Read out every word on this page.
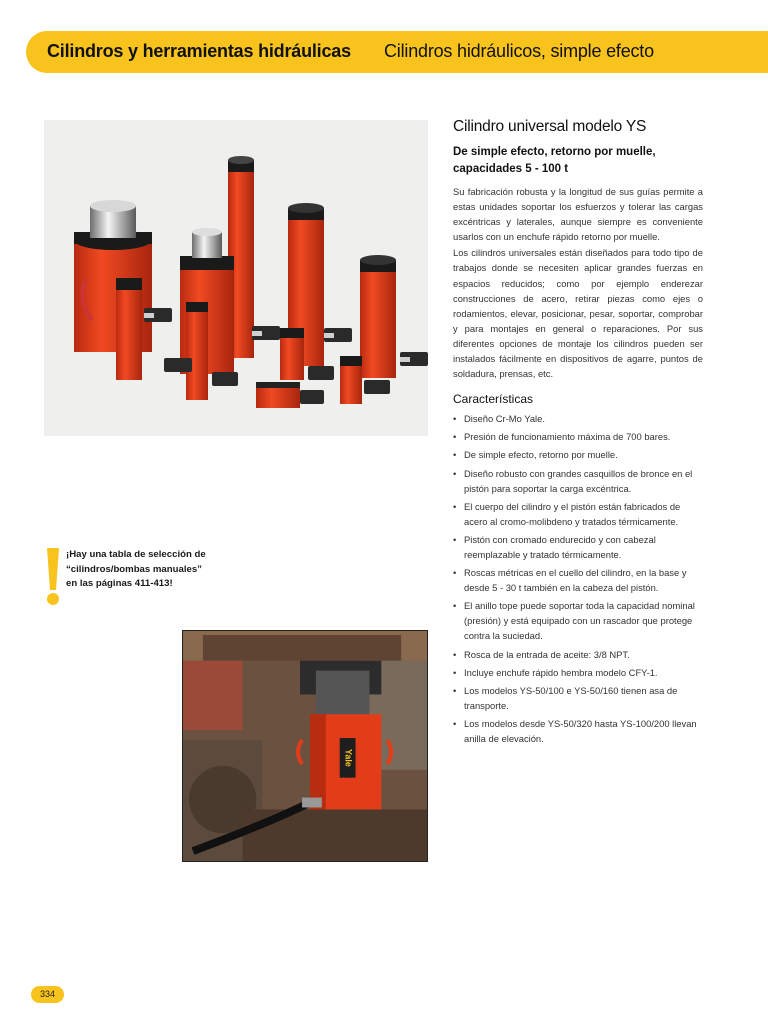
Cilindros y herramientas hidráulicas Cilindros hidráulicos, simple efecto
¡Hay una tabla de selección de
“cilindros/bombas manuales”
en las páginas 411-413!
Yale
Cilindro universal modelo YS
De simple efecto, retorno por muelle,
capacidades 5 - 100 t

Su fabricación robusta y la longitud de sus guías permite a estas unidades soportar los esfuerzos y tolerar las cargas excéntricas y laterales, aunque siempre es conveniente usarlos con un enchufe rápido retorno por muelle.

Los cilindros universales están diseñados para todo tipo de trabajos donde se necesiten aplicar grandes fuerzas en espacios reducidos; como por ejemplo enderezar construcciones de acero, retirar piezas como ejes o rodamientos, elevar, posicionar, pesar, soportar, comprobar y para montajes en general o reparaciones. Por sus diferentes opciones de montaje los cilindros pueden ser instalados fácilmente en dispositivos de agarre, puntos de soldadura, prensas, etc.

Características
• Diseño Cr-Mo Yale.
• Presión de funcionamiento máxima de 700 bares.
• De simple efecto, retorno por muelle.
• Diseño robusto con grandes casquillos de bronce en el pistón para soportar la carga excéntrica.
• El cuerpo del cilindro y el pistón están fabricados de acero al cromo-molibdeno y tratados térmicamente.
• Pistón con cromado endurecido y con cabezal reemplazable y tratado térmicamente.
• Roscas métricas en el cuello del cilindro, en la base y desde 5 - 30 t también en la cabeza del pistón.
• El anillo tope puede soportar toda la capacidad nominal (presión) y está equipado con un rascador que protege contra la suciedad.
• Rosca de la entrada de aceite: 3/8 NPT.
• Incluye enchufe rápido hembra modelo CFY-1.
• Los modelos YS-50/100 e YS-50/160 tienen asa de transporte.
• Los modelos desde YS-50/320 hasta YS-100/200 llevan anilla de elevación.
334
